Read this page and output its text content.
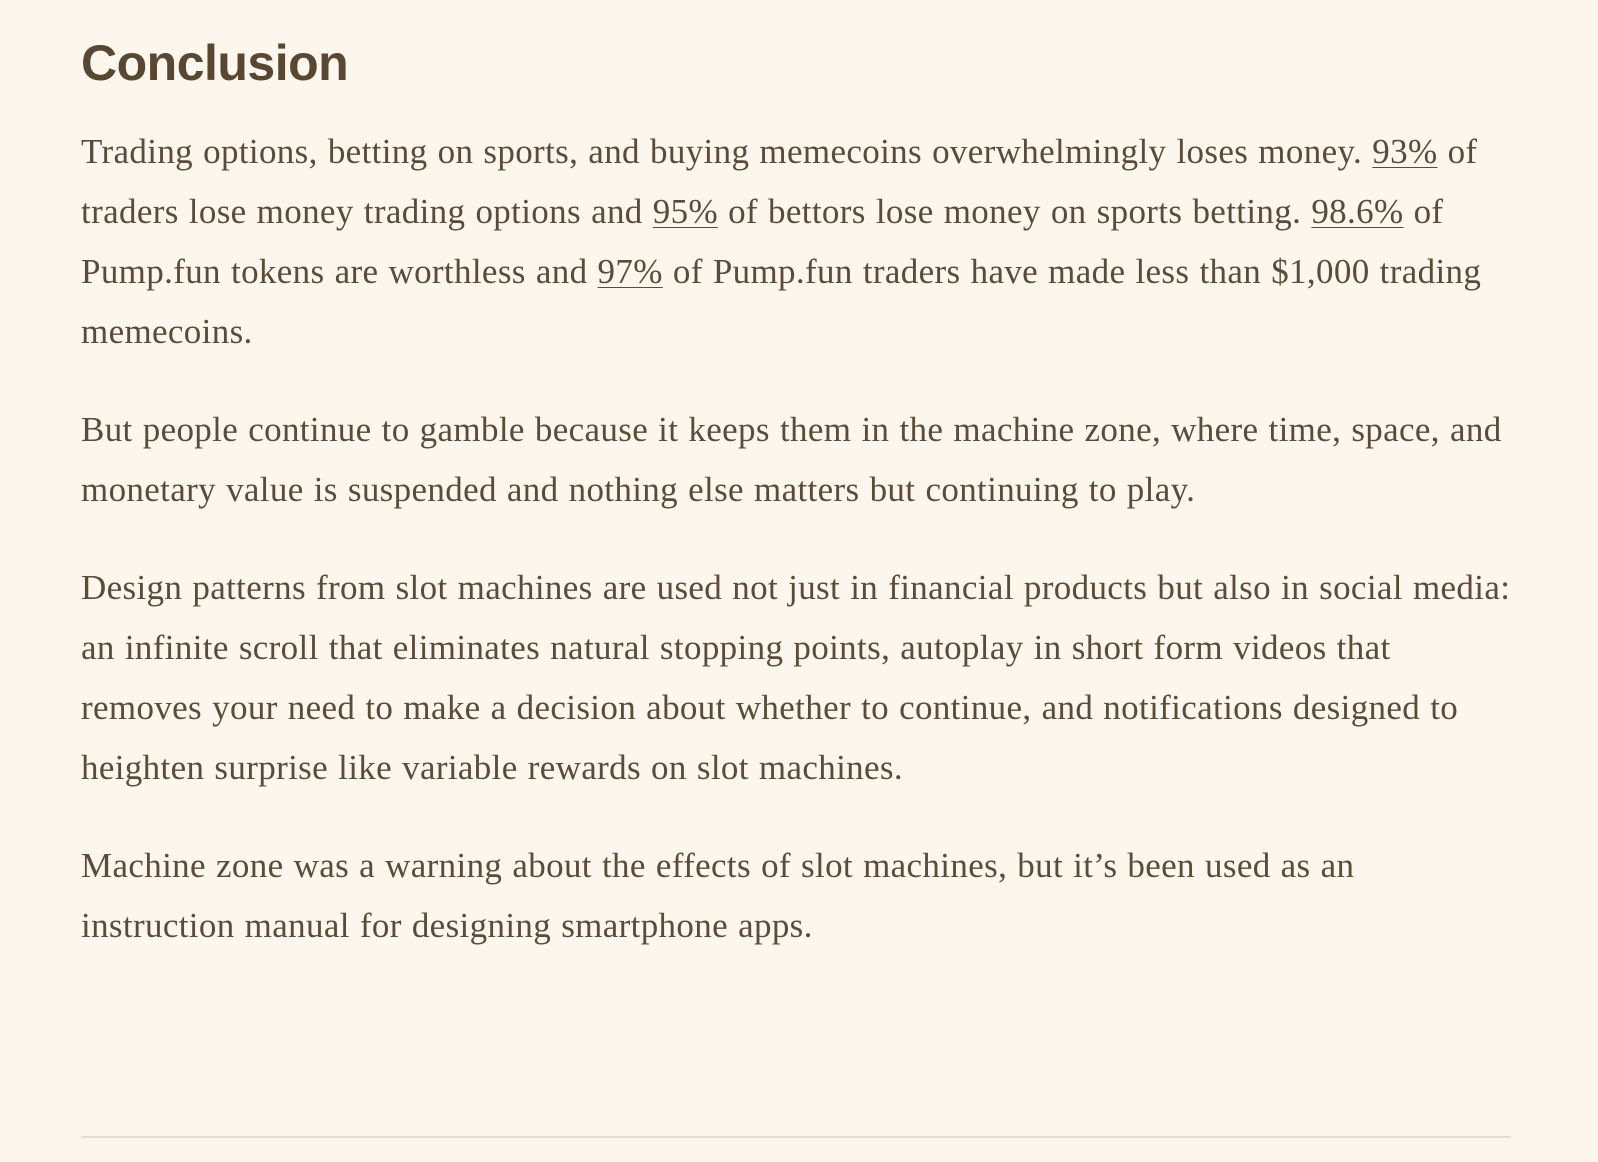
Conclusion

Trading options, betting on sports, and buying memecoins overwhelmingly loses money. 93% of traders lose money trading options and 95% of bettors lose money on sports betting. 98.6% of Pump.fun tokens are worthless and 97% of Pump.fun traders have made less than $1,000 trading memecoins.

But people continue to gamble because it keeps them in the machine zone, where time, space, and monetary value is suspended and nothing else matters but continuing to play.

Design patterns from slot machines are used not just in financial products but also in social media: an infinite scroll that eliminates natural stopping points, autoplay in short form videos that removes your need to make a decision about whether to continue, and notifications designed to heighten surprise like variable rewards on slot machines.

Machine zone was a warning about the effects of slot machines, but it’s been used as an instruction manual for designing smartphone apps.
